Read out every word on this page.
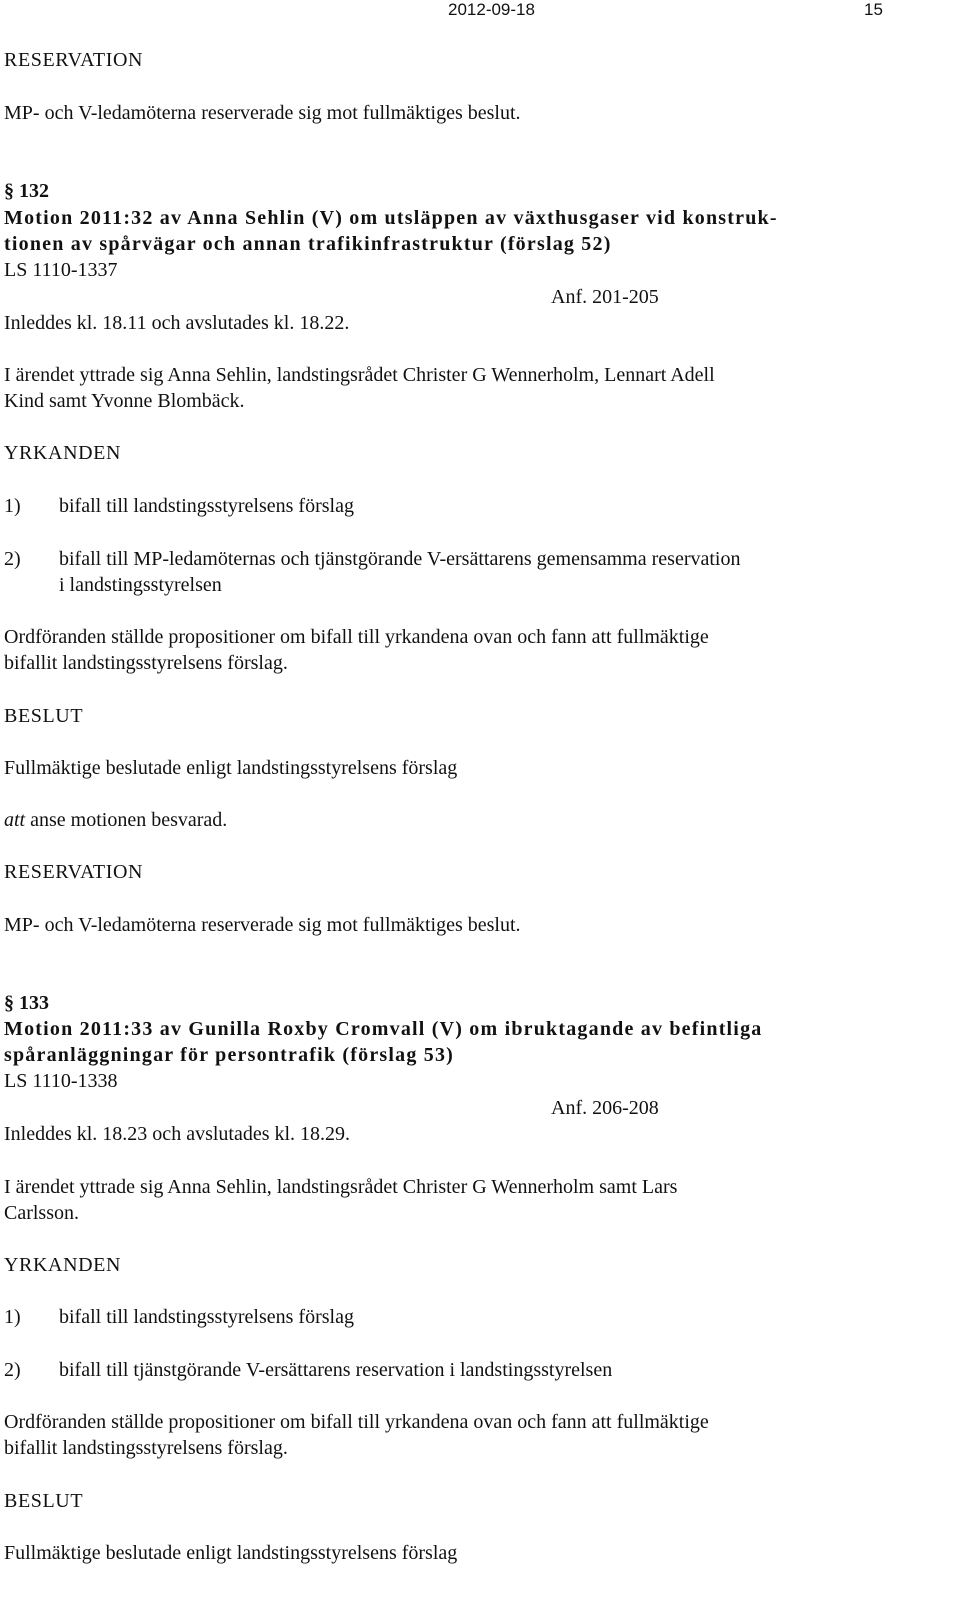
2012-09-18	15
RESERVATION
MP- och V-ledamöterna reserverade sig mot fullmäktiges beslut.
§ 132
Motion 2011:32 av Anna Sehlin (V) om utsläppen av växthusgaser vid konstruk-
tionen av spårvägar och annan trafikinfrastruktur (förslag 52)
LS 1110-1337
Anf. 201-205
Inleddes kl. 18.11 och avslutades kl. 18.22.
I ärendet yttrade sig Anna Sehlin, landstingsrådet Christer G Wennerholm, Lennart Adell
Kind samt Yvonne Blombäck.
YRKANDEN
1) bifall till landstingsstyrelsens förslag
2) bifall till MP-ledamöternas och tjänstgörande V-ersättarens gemensamma reservation
i landstingsstyrelsen
Ordföranden ställde propositioner om bifall till yrkandena ovan och fann att fullmäktige
bifallit landstingsstyrelsens förslag.
BESLUT
Fullmäktige beslutade enligt landstingsstyrelsens förslag
att anse motionen besvarad.
RESERVATION
MP- och V-ledamöterna reserverade sig mot fullmäktiges beslut.
§ 133
Motion 2011:33 av Gunilla Roxby Cromvall (V) om ibruktagande av befintliga
spåranläggningar för persontrafik (förslag 53)
LS 1110-1338
Anf. 206-208
Inleddes kl. 18.23 och avslutades kl. 18.29.
I ärendet yttrade sig Anna Sehlin, landstingsrådet Christer G Wennerholm samt Lars
Carlsson.
YRKANDEN
1) bifall till landstingsstyrelsens förslag
2) bifall till tjänstgörande V-ersättarens reservation i landstingsstyrelsen
Ordföranden ställde propositioner om bifall till yrkandena ovan och fann att fullmäktige
bifallit landstingsstyrelsens förslag.
BESLUT
Fullmäktige beslutade enligt landstingsstyrelsens förslag
